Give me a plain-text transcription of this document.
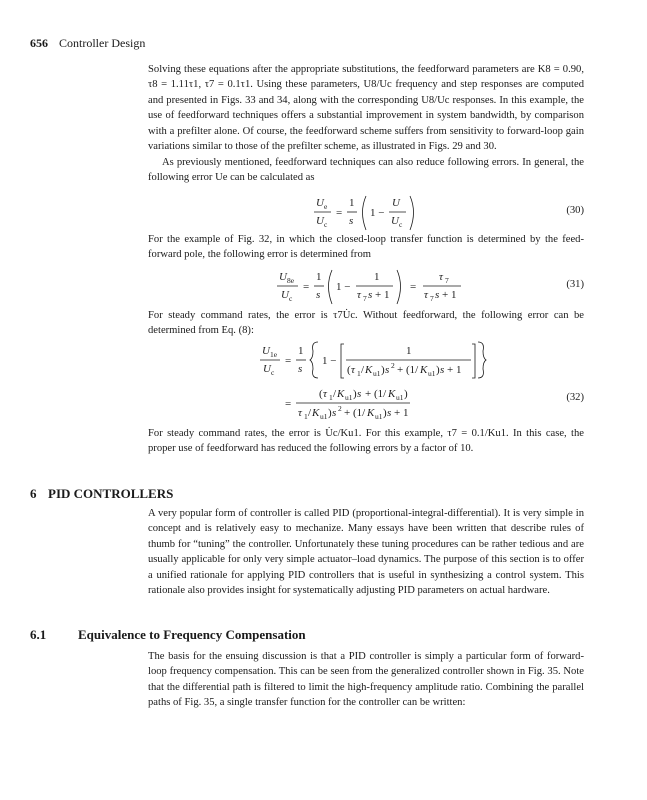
656 Controller Design

Solving these equations after the appropriate substitutions, the feedforward parameters are K8 = 0.90, τ8 = 1.11τ1, τ7 = 0.1τ1. Using these parameters, U8/Uc frequency and step responses are computed and presented in Figs. 33 and 34, along with the corresponding U8/Uc responses. In this example, the use of feedforward techniques offers a substantial improvement in system bandwidth, by comparison with a prefilter alone. Of course, the feedforward scheme suffers from sensitivity to forward-loop gain variations similar to those of the prefilter scheme, as illustrated in Figs. 29 and 30.

As previously mentioned, feedforward techniques can also reduce following errors. In general, the following error Ue can be calculated as

U e
U c
=
1
s
1 −
U
U c
(30)

For the example of Fig. 32, in which the closed-loop transfer function is determined by the feed-forward pole, the following error is determined from

U 8e
U c
=
1
s
1 −
1
τ 7 s + 1
=
τ 7
τ 7 s + 1
(31)

For steady command rates, the error is τ7U̇c. Without feedforward, the following error can be determined from Eq. (8):

U 1e
U c
=
1
s
1 −
1
( τ 1 / K u1 ) s 2 + (1/ K u1 ) s + 1
=
( τ 1 / K u1 ) s + (1/ K u1 )
τ 1 / K u1 ) s 2 + (1/ K u1 ) s + 1
(32)

For steady command rates, the error is U̇c/Ku1. For this example, τ7 = 0.1/Ku1. In this case, the proper use of feedforward has reduced the following errors by a factor of 10.

6 PID CONTROLLERS

A very popular form of controller is called PID (proportional-integral-differential). It is very simple in concept and is relatively easy to mechanize. Many essays have been written that describe rules of thumb for “tuning” the controller. Unfortunately these tuning procedures can be rather tedious and are usually applicable for only very simple actuator–load dynamics. The purpose of this section is to offer a unified rationale for applying PID controllers that is useful in synthesizing a control system. This rationale also provides insight for systematically adjusting PID parameters on actual hardware.

6.1 Equivalence to Frequency Compensation

The basis for the ensuing discussion is that a PID controller is simply a particular form of forward-loop frequency compensation. This can be seen from the generalized controller shown in Fig. 35. Note that the differential path is filtered to limit the high-frequency amplitude ratio. Combining the parallel paths of Fig. 35, a single transfer function for the controller can be written:
